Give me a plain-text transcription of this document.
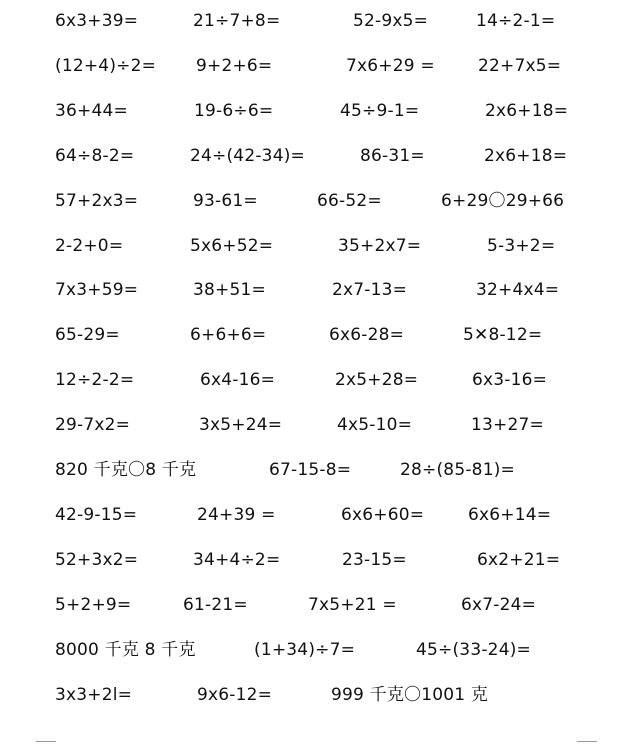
6x3+39=	21÷7+8=	52-9x5=	14÷2-1=
(12+4)÷2= 9+2+6=	7x6+29 =	22+7x5=
36+44=	19-6÷6=	45÷9-1=	2x6+18=
64÷8-2=	24÷(42-34)=	86-31=	2x6+18=
57+2x3=	93-61=	66-52=	6+29〇29+66
2-2+0=	5x6+52=	35+2x7=	5-3+2=
7x3+59=	38+51=	2x7-13=	32+4x4=
65-29=	6+6+6=	6x6-28=	5✕8-12=
12÷2-2=	6x4-16=	2x5+28=	6x3-16=
29-7x2=	3x5+24=	4x5-10=	13+27=
820 千克〇8 千克	67-15-8=	28÷(85-81)=
42-9-15=	24+39 =	6x6+60=	6x6+14=
52+3x2=	34+4÷2=	23-15=	6x2+21=
5+2+9=	61-21=	7x5+21 =	6x7-24=
8000 千克 8 千克	(1+34)÷7=	45÷(33-24)=
3x3+2l=	9x6-12=	999 千克〇1001 克
